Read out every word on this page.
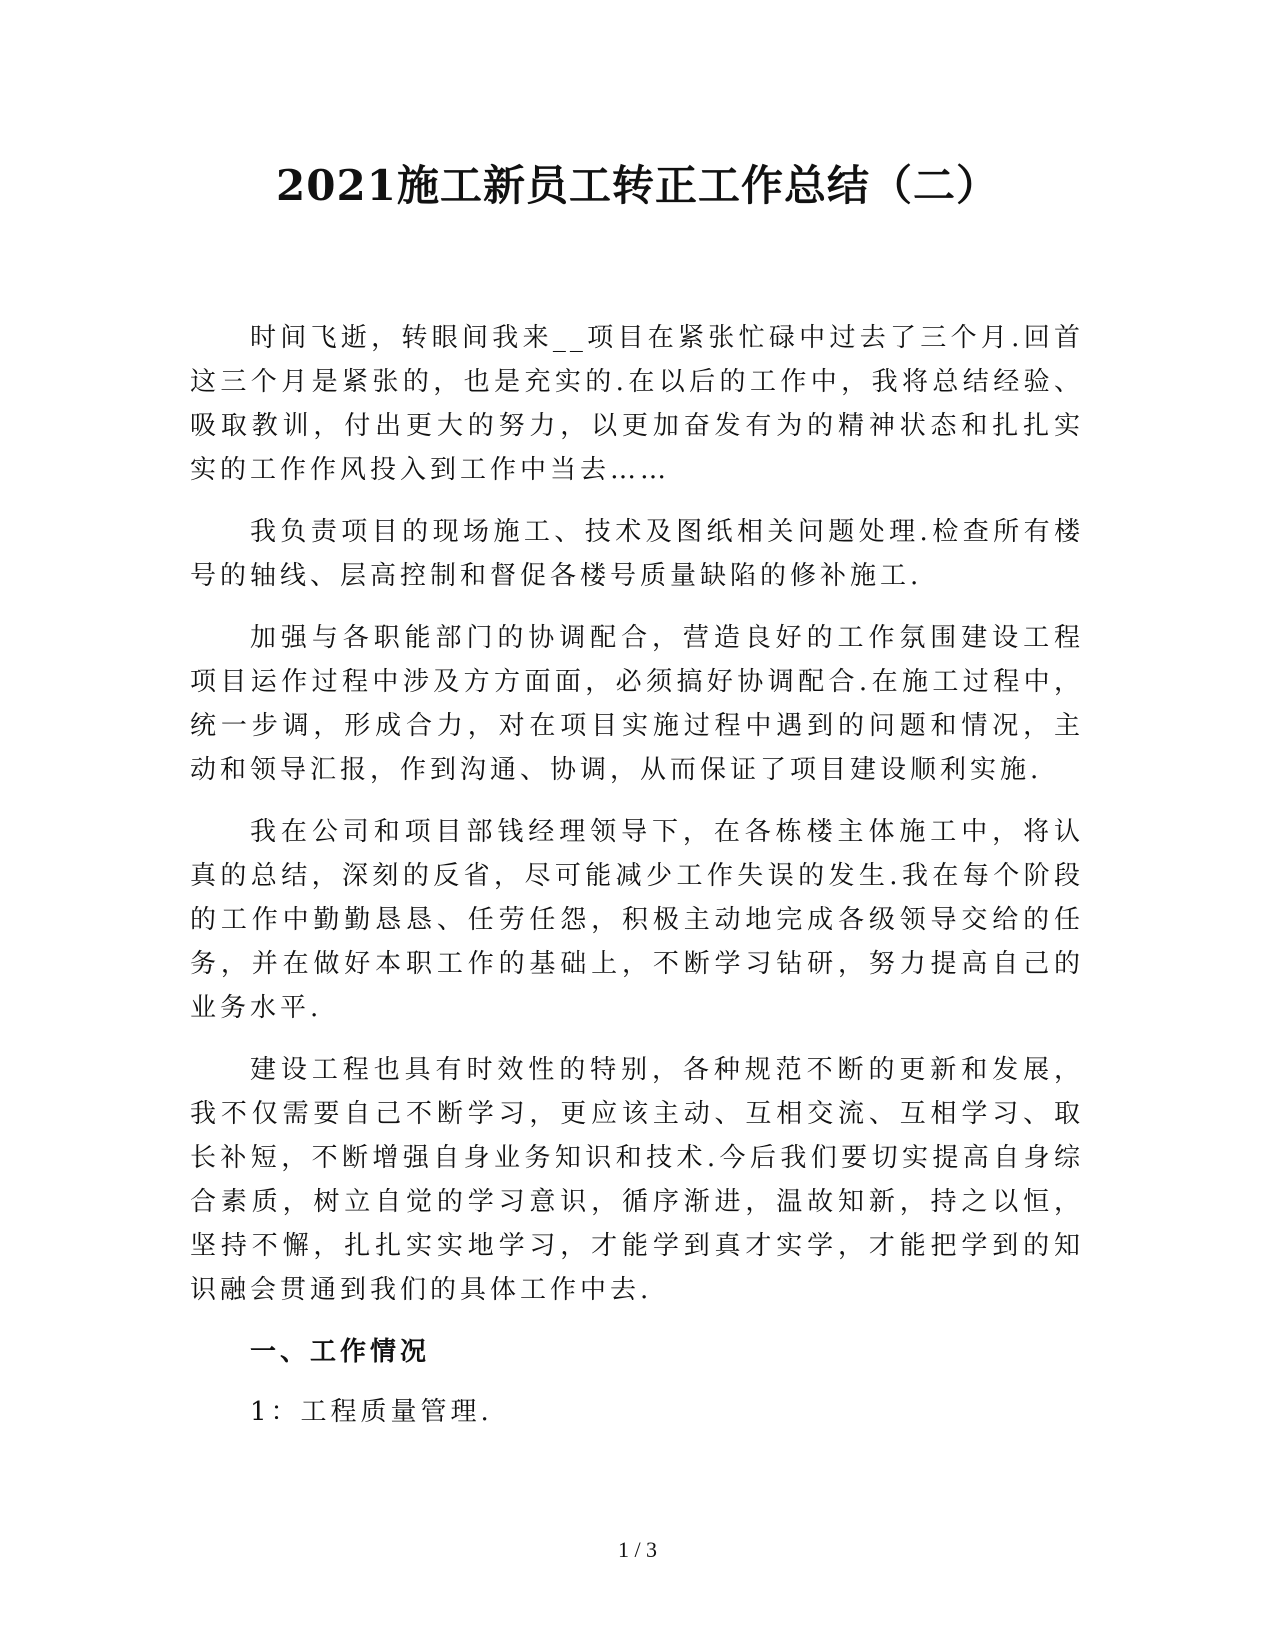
2021施工新员工转正工作总结（二）

时间飞逝，转眼间我来__项目在紧张忙碌中过去了三个月.回首这三个月是紧张的，也是充实的.在以后的工作中，我将总结经验、吸取教训，付出更大的努力，以更加奋发有为的精神状态和扎扎实实的工作作风投入到工作中当去……

我负责项目的现场施工、技术及图纸相关问题处理.检查所有楼号的轴线、层高控制和督促各楼号质量缺陷的修补施工.

加强与各职能部门的协调配合，营造良好的工作氛围建设工程项目运作过程中涉及方方面面，必须搞好协调配合.在施工过程中，统一步调，形成合力，对在项目实施过程中遇到的问题和情况，主动和领导汇报，作到沟通、协调，从而保证了项目建设顺利实施.

我在公司和项目部钱经理领导下，在各栋楼主体施工中，将认真的总结，深刻的反省，尽可能减少工作失误的发生.我在每个阶段的工作中勤勤恳恳、任劳任怨，积极主动地完成各级领导交给的任务，并在做好本职工作的基础上，不断学习钻研，努力提高自己的业务水平.

建设工程也具有时效性的特别，各种规范不断的更新和发展，我不仅需要自己不断学习，更应该主动、互相交流、互相学习、取长补短，不断增强自身业务知识和技术.今后我们要切实提高自身综合素质，树立自觉的学习意识，循序渐进，温故知新，持之以恒，坚持不懈，扎扎实实地学习，才能学到真才实学，才能把学到的知识融会贯通到我们的具体工作中去.

一、工作情况

1：工程质量管理.

1 / 3
